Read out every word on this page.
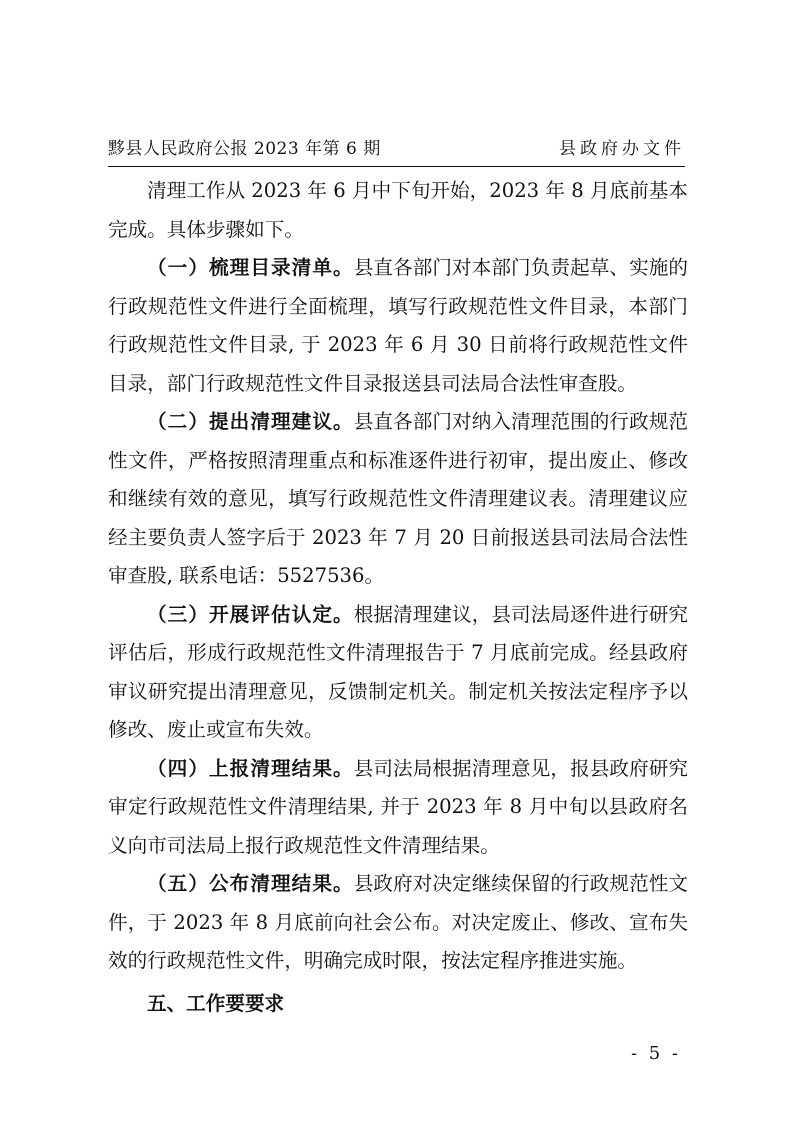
黟县人民政府公报 2023 年第 6 期	县政府办文件

清理工作从 2023 年 6 月中下旬开始，2023 年 8 月底前基本完成。具体步骤如下。

（一）梳理目录清单。县直各部门对本部门负责起草、实施的行政规范性文件进行全面梳理，填写行政规范性文件目录，本部门行政规范性文件目录, 于 2023 年 6 月 30 日前将行政规范性文件目录，部门行政规范性文件目录报送县司法局合法性审查股。

（二）提出清理建议。县直各部门对纳入清理范围的行政规范性文件，严格按照清理重点和标准逐件进行初审，提出废止、修改和继续有效的意见，填写行政规范性文件清理建议表。清理建议应经主要负责人签字后于 2023 年 7 月 20 日前报送县司法局合法性审查股, 联系电话：5527536。

（三）开展评估认定。根据清理建议，县司法局逐件进行研究评估后，形成行政规范性文件清理报告于 7 月底前完成。经县政府审议研究提出清理意见，反馈制定机关。制定机关按法定程序予以修改、废止或宣布失效。

（四）上报清理结果。县司法局根据清理意见，报县政府研究审定行政规范性文件清理结果, 并于 2023 年 8 月中旬以县政府名义向市司法局上报行政规范性文件清理结果。

（五）公布清理结果。县政府对决定继续保留的行政规范性文件，于 2023 年 8 月底前向社会公布。对决定废止、修改、宣布失效的行政规范性文件，明确完成时限，按法定程序推进实施。

五、工作要要求

- 5 -
